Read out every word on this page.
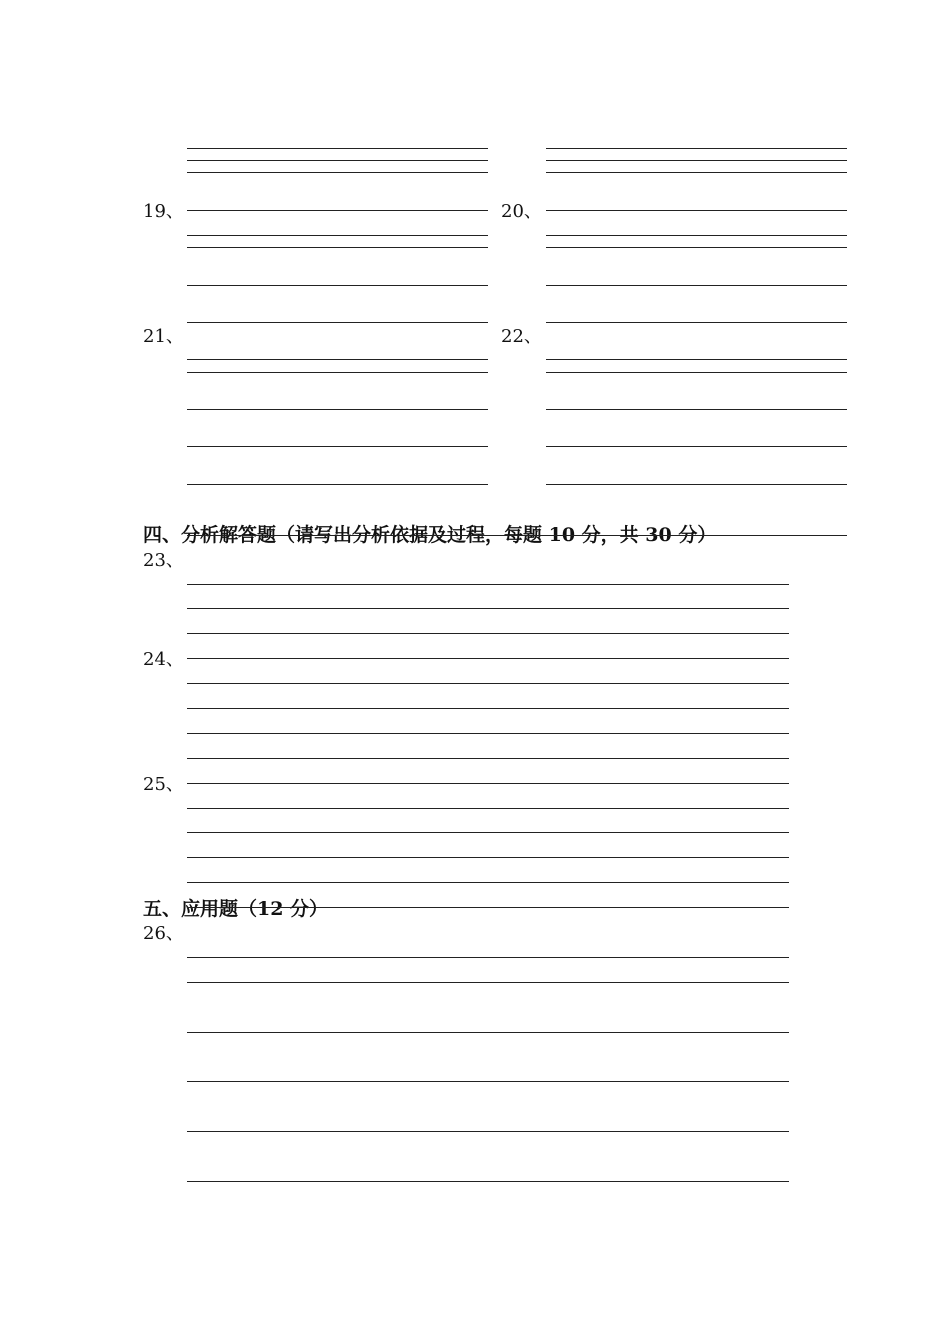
19、	20、
21、	22、
四、分析解答题（请写出分析依据及过程，每题 10 分，共 30 分）
23、
24、
25、
五、应用题（12 分）
26、
